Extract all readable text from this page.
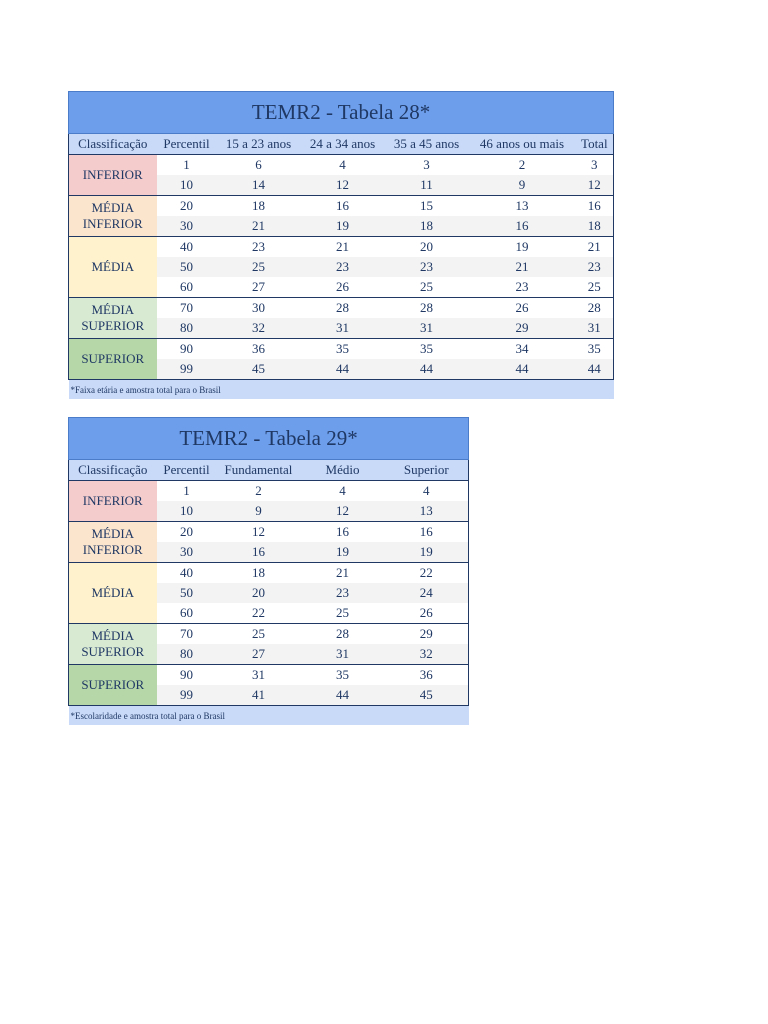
TEMR2 - Tabela 28*						
Classificação	Percentil	15 a 23 anos	24 a 34 anos	35 a 45 anos	46 anos ou mais	Total
INFERIOR	1	6	4	3	2	3
	10	14	12	11	9	12
MÉDIA INFERIOR	20	18	16	15	13	16
	30	21	19	18	16	18
MÉDIA	40	23	21	20	19	21
	50	25	23	23	21	23
	60	27	26	25	23	25
MÉDIA SUPERIOR	70	30	28	28	26	28
	80	32	31	31	29	31
SUPERIOR	90	36	35	35	34	35
	99	45	44	44	44	44
*Faixa etária e amostra total para o Brasil						
TEMR2 - Tabela 29*				
Classificação	Percentil	Fundamental	Médio	Superior
INFERIOR	1	2	4	4
	10	9	12	13
MÉDIA INFERIOR	20	12	16	16
	30	16	19	19
MÉDIA	40	18	21	22
	50	20	23	24
	60	22	25	26
MÉDIA SUPERIOR	70	25	28	29
	80	27	31	32
SUPERIOR	90	31	35	36
	99	41	44	45
*Escolaridade e amostra total para o Brasil				
